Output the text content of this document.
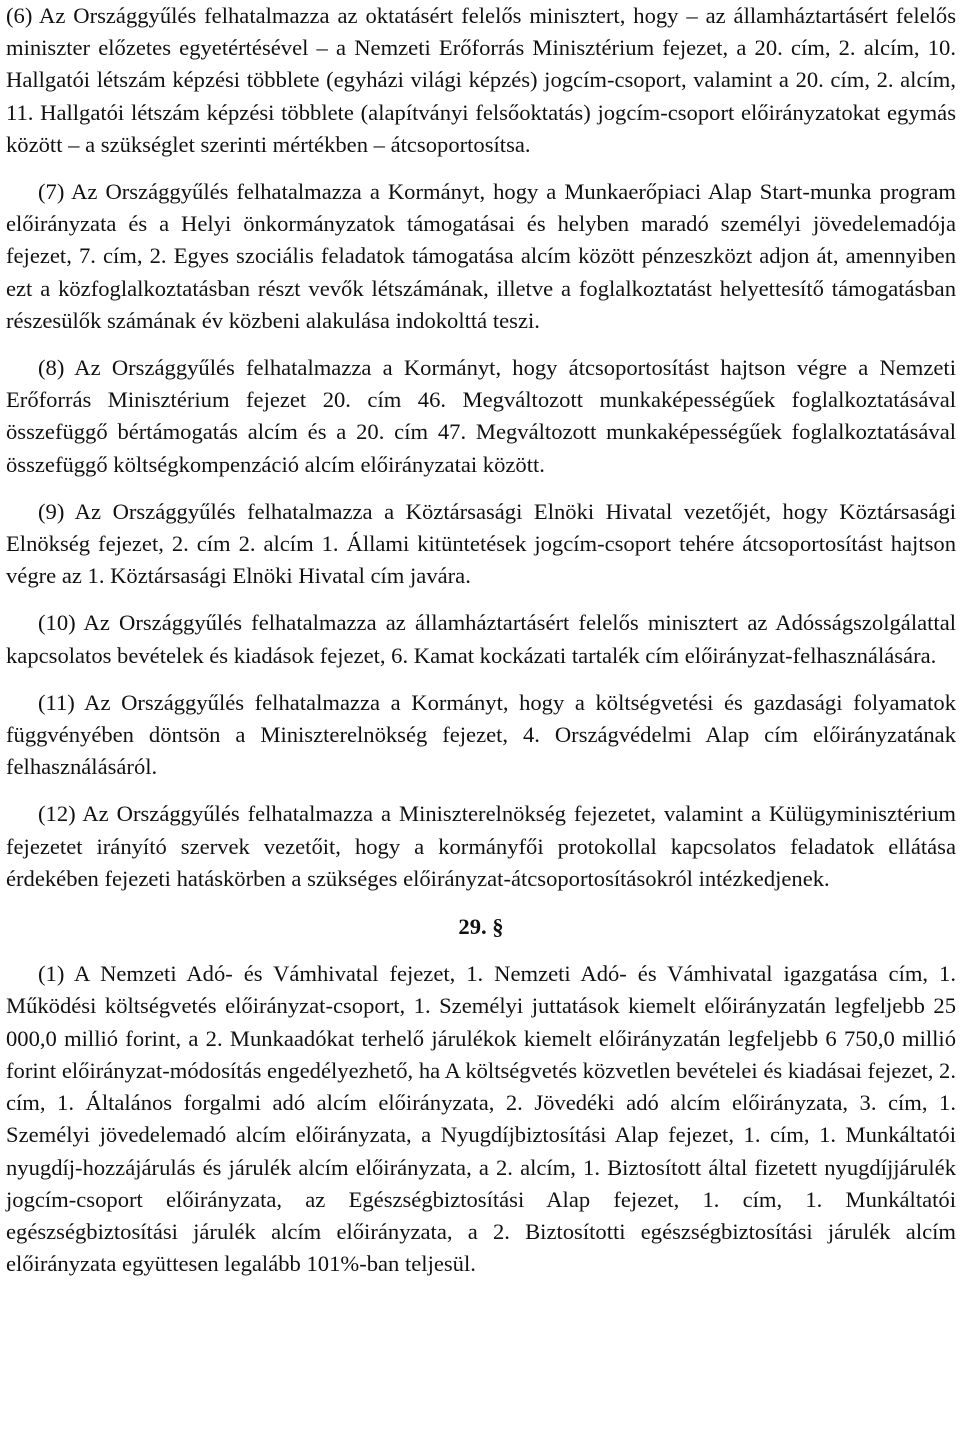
(6) Az Országgyűlés felhatalmazza az oktatásért felelős minisztert, hogy – az államháztartásért felelős miniszter előzetes egyetértésével – a Nemzeti Erőforrás Minisztérium fejezet, a 20. cím, 2. alcím, 10. Hallgatói létszám képzési többlete (egyházi világi képzés) jogcím-csoport, valamint a 20. cím, 2. alcím, 11. Hallgatói létszám képzési többlete (alapítványi felsőoktatás) jogcím-csoport előirányzatokat egymás között – a szükséglet szerinti mértékben – átcsoportosítsa.

(7) Az Országgyűlés felhatalmazza a Kormányt, hogy a Munkaerőpiaci Alap Start-munka program előirányzata és a Helyi önkormányzatok támogatásai és helyben maradó személyi jövedelemadója fejezet, 7. cím, 2. Egyes szociális feladatok támogatása alcím között pénzeszközt adjon át, amennyiben ezt a közfoglalkoztatásban részt vevők létszámának, illetve a foglalkoztatást helyettesítő támogatásban részesülők számának év közbeni alakulása indokolttá teszi.

(8) Az Országgyűlés felhatalmazza a Kormányt, hogy átcsoportosítást hajtson végre a Nemzeti Erőforrás Minisztérium fejezet 20. cím 46. Megváltozott munkaképességűek foglalkoztatásával összefüggő bértámogatás alcím és a 20. cím 47. Megváltozott munkaképességűek foglalkoztatásával összefüggő költségkompenzáció alcím előirányzatai között.

(9) Az Országgyűlés felhatalmazza a Köztársasági Elnöki Hivatal vezetőjét, hogy Köztársasági Elnökség fejezet, 2. cím 2. alcím 1. Állami kitüntetések jogcím-csoport tehére átcsoportosítást hajtson végre az 1. Köztársasági Elnöki Hivatal cím javára.

(10) Az Országgyűlés felhatalmazza az államháztartásért felelős minisztert az Adósságszolgálattal kapcsolatos bevételek és kiadások fejezet, 6. Kamat kockázati tartalék cím előirányzat-felhasználására.

(11) Az Országgyűlés felhatalmazza a Kormányt, hogy a költségvetési és gazdasági folyamatok függvényében döntsön a Miniszterelnökség fejezet, 4. Országvédelmi Alap cím előirányzatának felhasználásáról.

(12) Az Országgyűlés felhatalmazza a Miniszterelnökség fejezetet, valamint a Külügyminisztérium fejezetet irányító szervek vezetőit, hogy a kormányfői protokollal kapcsolatos feladatok ellátása érdekében fejezeti hatáskörben a szükséges előirányzat-átcsoportosításokról intézkedjenek.

29. §

(1) A Nemzeti Adó- és Vámhivatal fejezet, 1. Nemzeti Adó- és Vámhivatal igazgatása cím, 1. Működési költségvetés előirányzat-csoport, 1. Személyi juttatások kiemelt előirányzatán legfeljebb 25 000,0 millió forint, a 2. Munkaadókat terhelő járulékok kiemelt előirányzatán legfeljebb 6 750,0 millió forint előirányzat-módosítás engedélyezhető, ha A költségvetés közvetlen bevételei és kiadásai fejezet, 2. cím, 1. Általános forgalmi adó alcím előirányzata, 2. Jövedéki adó alcím előirányzata, 3. cím, 1. Személyi jövedelemadó alcím előirányzata, a Nyugdíjbiztosítási Alap fejezet, 1. cím, 1. Munkáltatói nyugdíj-hozzájárulás és járulék alcím előirányzata, a 2. alcím, 1. Biztosított által fizetett nyugdíjjárulék jogcím-csoport előirányzata, az Egészségbiztosítási Alap fejezet, 1. cím, 1. Munkáltatói egészségbiztosítási járulék alcím előirányzata, a 2. Biztosítotti egészségbiztosítási járulék alcím előirányzata együttesen legalább 101%-ban teljesül.
